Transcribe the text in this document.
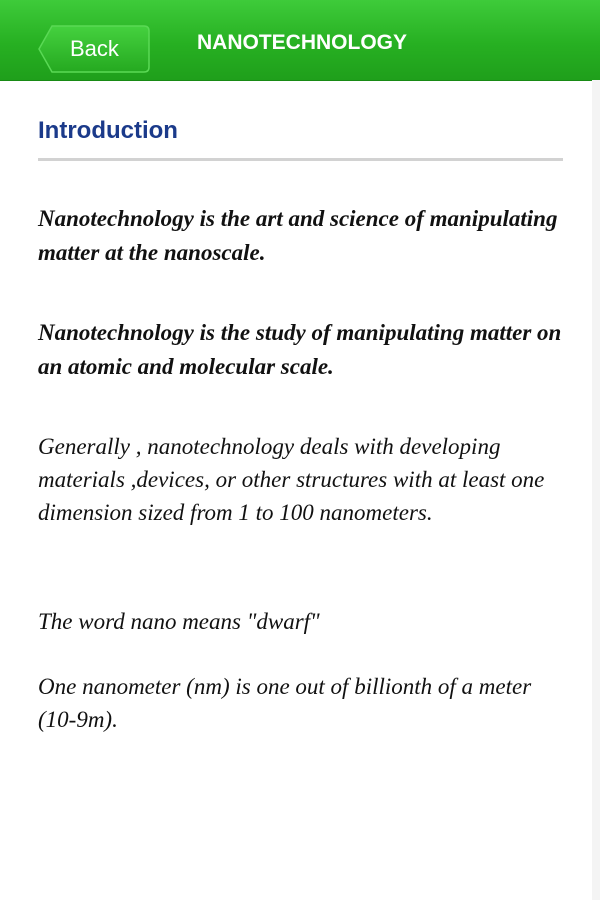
Back	NANOTECHNOLOGY
Introduction

Nanotechnology is the art and science of manipulating matter at the nanoscale.

Nanotechnology is the study of manipulating matter on an atomic and molecular scale.

Generally , nanotechnology deals with developing materials ,devices, or other structures with at least one dimension sized from 1 to 100 nanometers.

The word nano means "dwarf"

One nanometer (nm) is one out of billionth of a meter (10-9m).
